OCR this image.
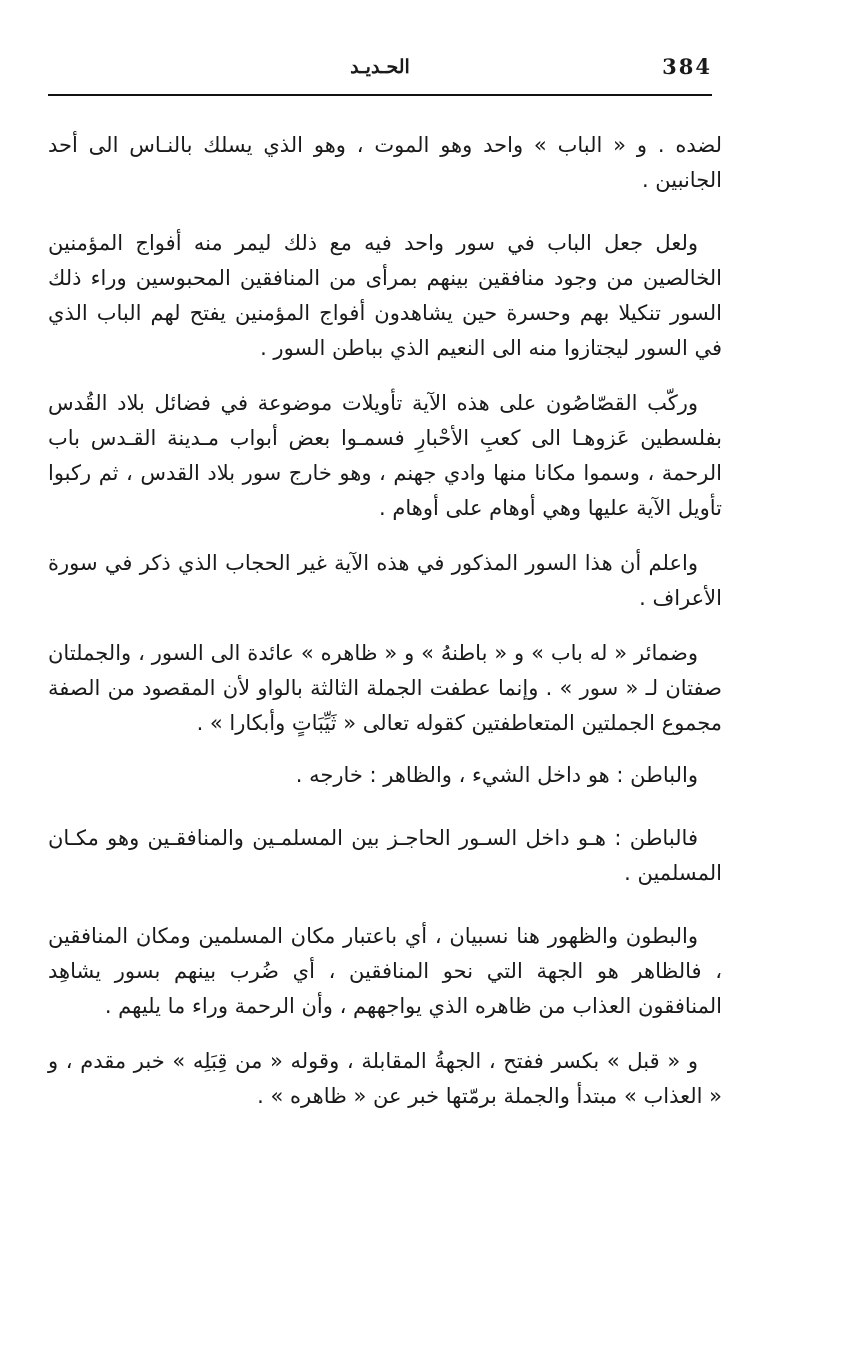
384
الحـديـد

لضده . و « الباب » واحد وهو الموت ، وهو الذي يسلك بالنـاس الى أحد الجانبين .

ولعل جعل الباب في سور واحد فيه مع ذلك ليمر منه أفواج المؤمنين الخالصين من وجود منافقين بينهم بمرأى من المنافقين المحبوسين وراء ذلك السور تنكيلا بهم وحسرة حين يشاهدون أفواج المؤمنين يفتح لهم الباب الذي في السور ليجتازوا منه الى النعيم الذي بباطن السور .

وركّب القصّاصُون على هذه الآية تأويلات موضوعة في فضائل بلاد القُدس بفلسطين عَزوهـا الى كعبِ الأحْبارِ فسمـوا بعض أبواب مـدينة القـدس باب الرحمة ، وسموا مكانا منها وادي جهنم ، وهو خارج سور بلاد القدس ، ثم ركبوا تأويل الآية عليها وهي أوهام على أوهام .

واعلم أن هذا السور المذكور في هذه الآية غير الحجاب الذي ذكر في سورة الأعراف .

وضمائر « له باب » و « باطنهُ » و « ظاهره » عائدة الى السور ، والجملتان صفتان لـ « سور » . وإنما عطفت الجملة الثالثة بالواو لأن المقصود من الصفة مجموع الجملتين المتعاطفتين كقوله تعالى « ثَيِّبَاتٍ وأبكارا » .

والباطن : هو داخل الشيء ، والظاهر : خارجه .

فالباطن : هـو داخل السـور الحاجـز بين المسلمـين والمنافقـين وهو مكـان المسلمين .

والبطون والظهور هنا نسبيان ، أي باعتبار مكان المسلمين ومكان المنافقين ، فالظاهر هو الجهة التي نحو المنافقين ، أي ضُرب بينهم بسور يشاهِد المنافقون العذاب من ظاهره الذي يواجههم ، وأن الرحمة وراء ما يليهم .

و « قبل » بكسر ففتح ، الجهةُ المقابلة ، وقوله « من قِبَلِه » خبر مقدم ، و « العذاب » مبتدأ والجملة برمّتها خبر عن « ظاهره » .
